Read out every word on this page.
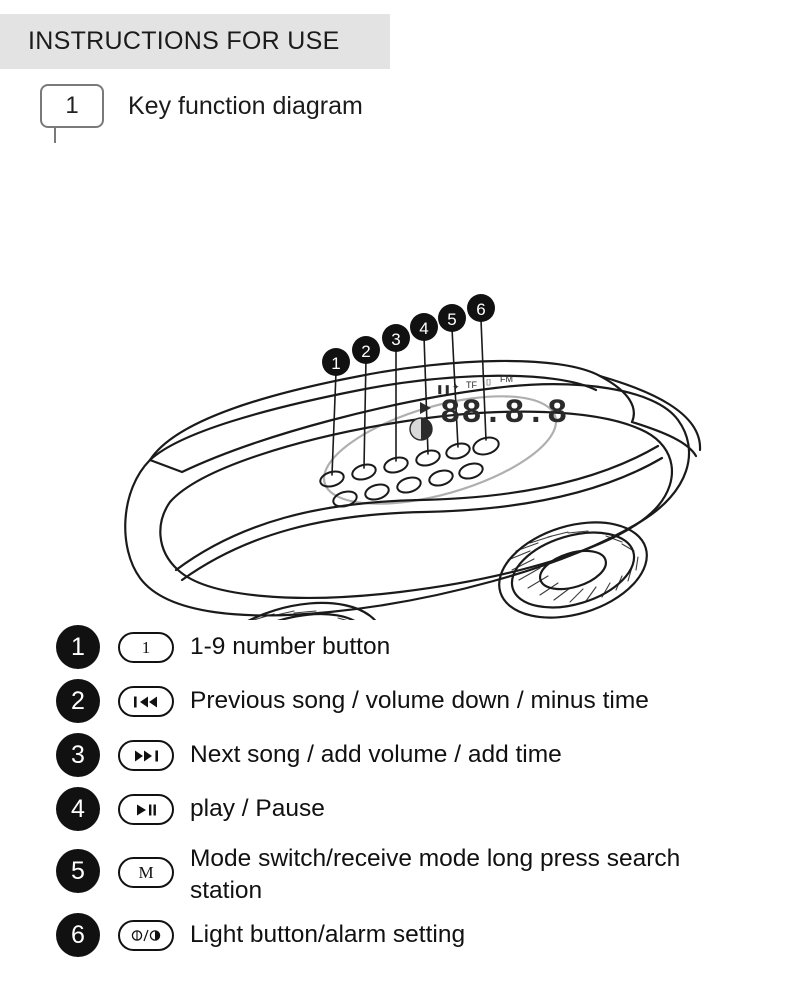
INSTRUCTIONS FOR USE
1 Key function diagram
1
2
3
4 5
6
❚❚ ✦ TF ⌷ FM
88.8.8
1	1 1-9 number button
2	Previous song / volume down / minus time
3	Next song / add volume / add time
4	play / Pause
5	M
Mode switch/receive mode long press search station
6	Light button/alarm setting
